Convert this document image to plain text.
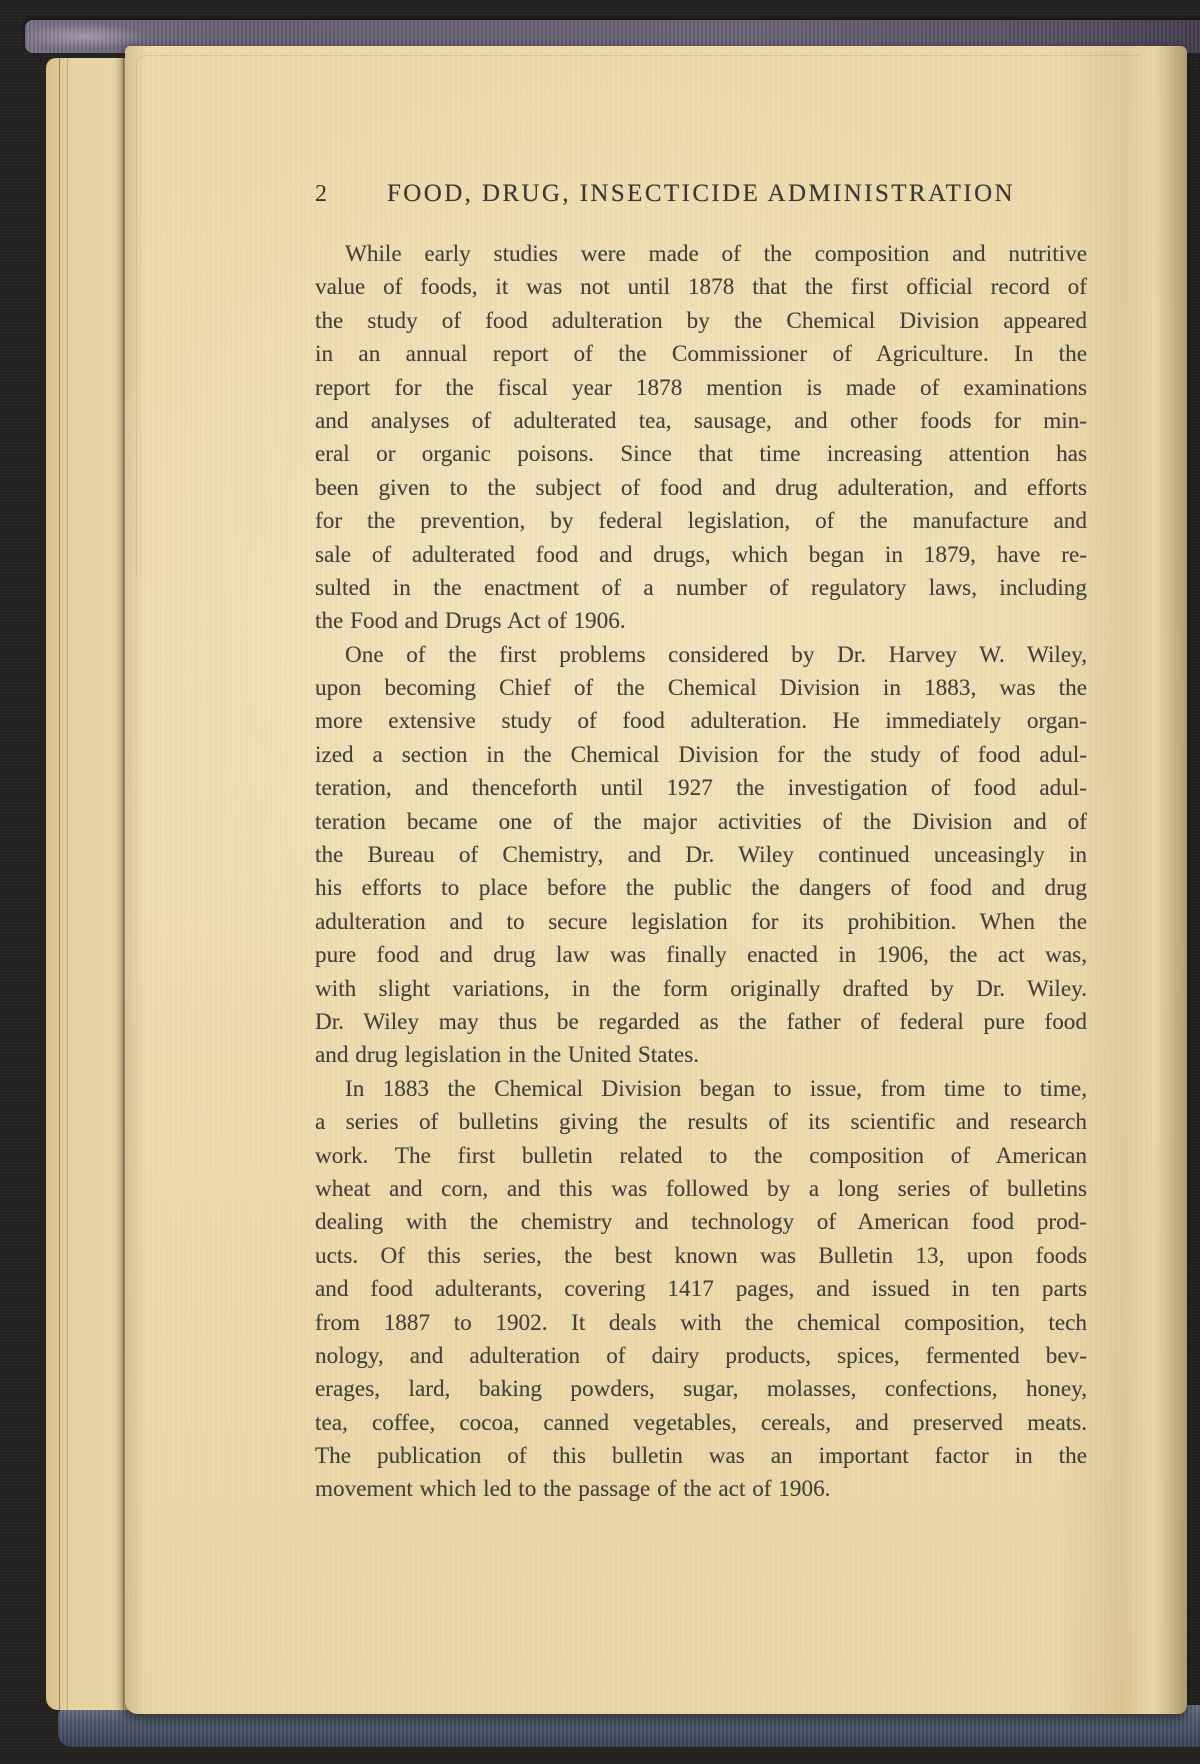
2 FOOD, DRUG, INSECTICIDE ADMINISTRATION
While early studies were made of the composition and nutritive
value of foods, it was not until 1878 that the first official record of
the study of food adulteration by the Chemical Division appeared
in an annual report of the Commissioner of Agriculture. In the
report for the fiscal year 1878 mention is made of examinations
and analyses of adulterated tea, sausage, and other foods for min-
eral or organic poisons. Since that time increasing attention has
been given to the subject of food and drug adulteration, and efforts
for the prevention, by federal legislation, of the manufacture and
sale of adulterated food and drugs, which began in 1879, have re-
sulted in the enactment of a number of regulatory laws, including
the Food and Drugs Act of 1906.
One of the first problems considered by Dr. Harvey W. Wiley,
upon becoming Chief of the Chemical Division in 1883, was the
more extensive study of food adulteration. He immediately organ-
ized a section in the Chemical Division for the study of food adul-
teration, and thenceforth until 1927 the investigation of food adul-
teration became one of the major activities of the Division and of
the Bureau of Chemistry, and Dr. Wiley continued unceasingly in
his efforts to place before the public the dangers of food and drug
adulteration and to secure legislation for its prohibition. When the
pure food and drug law was finally enacted in 1906, the act was,
with slight variations, in the form originally drafted by Dr. Wiley.
Dr. Wiley may thus be regarded as the father of federal pure food
and drug legislation in the United States.
In 1883 the Chemical Division began to issue, from time to time,
a series of bulletins giving the results of its scientific and research
work. The first bulletin related to the composition of American
wheat and corn, and this was followed by a long series of bulletins
dealing with the chemistry and technology of American food prod-
ucts. Of this series, the best known was Bulletin 13, upon foods
and food adulterants, covering 1417 pages, and issued in ten parts
from 1887 to 1902. It deals with the chemical composition, tech
nology, and adulteration of dairy products, spices, fermented bev-
erages, lard, baking powders, sugar, molasses, confections, honey,
tea, coffee, cocoa, canned vegetables, cereals, and preserved meats.
The publication of this bulletin was an important factor in the
movement which led to the passage of the act of 1906.
